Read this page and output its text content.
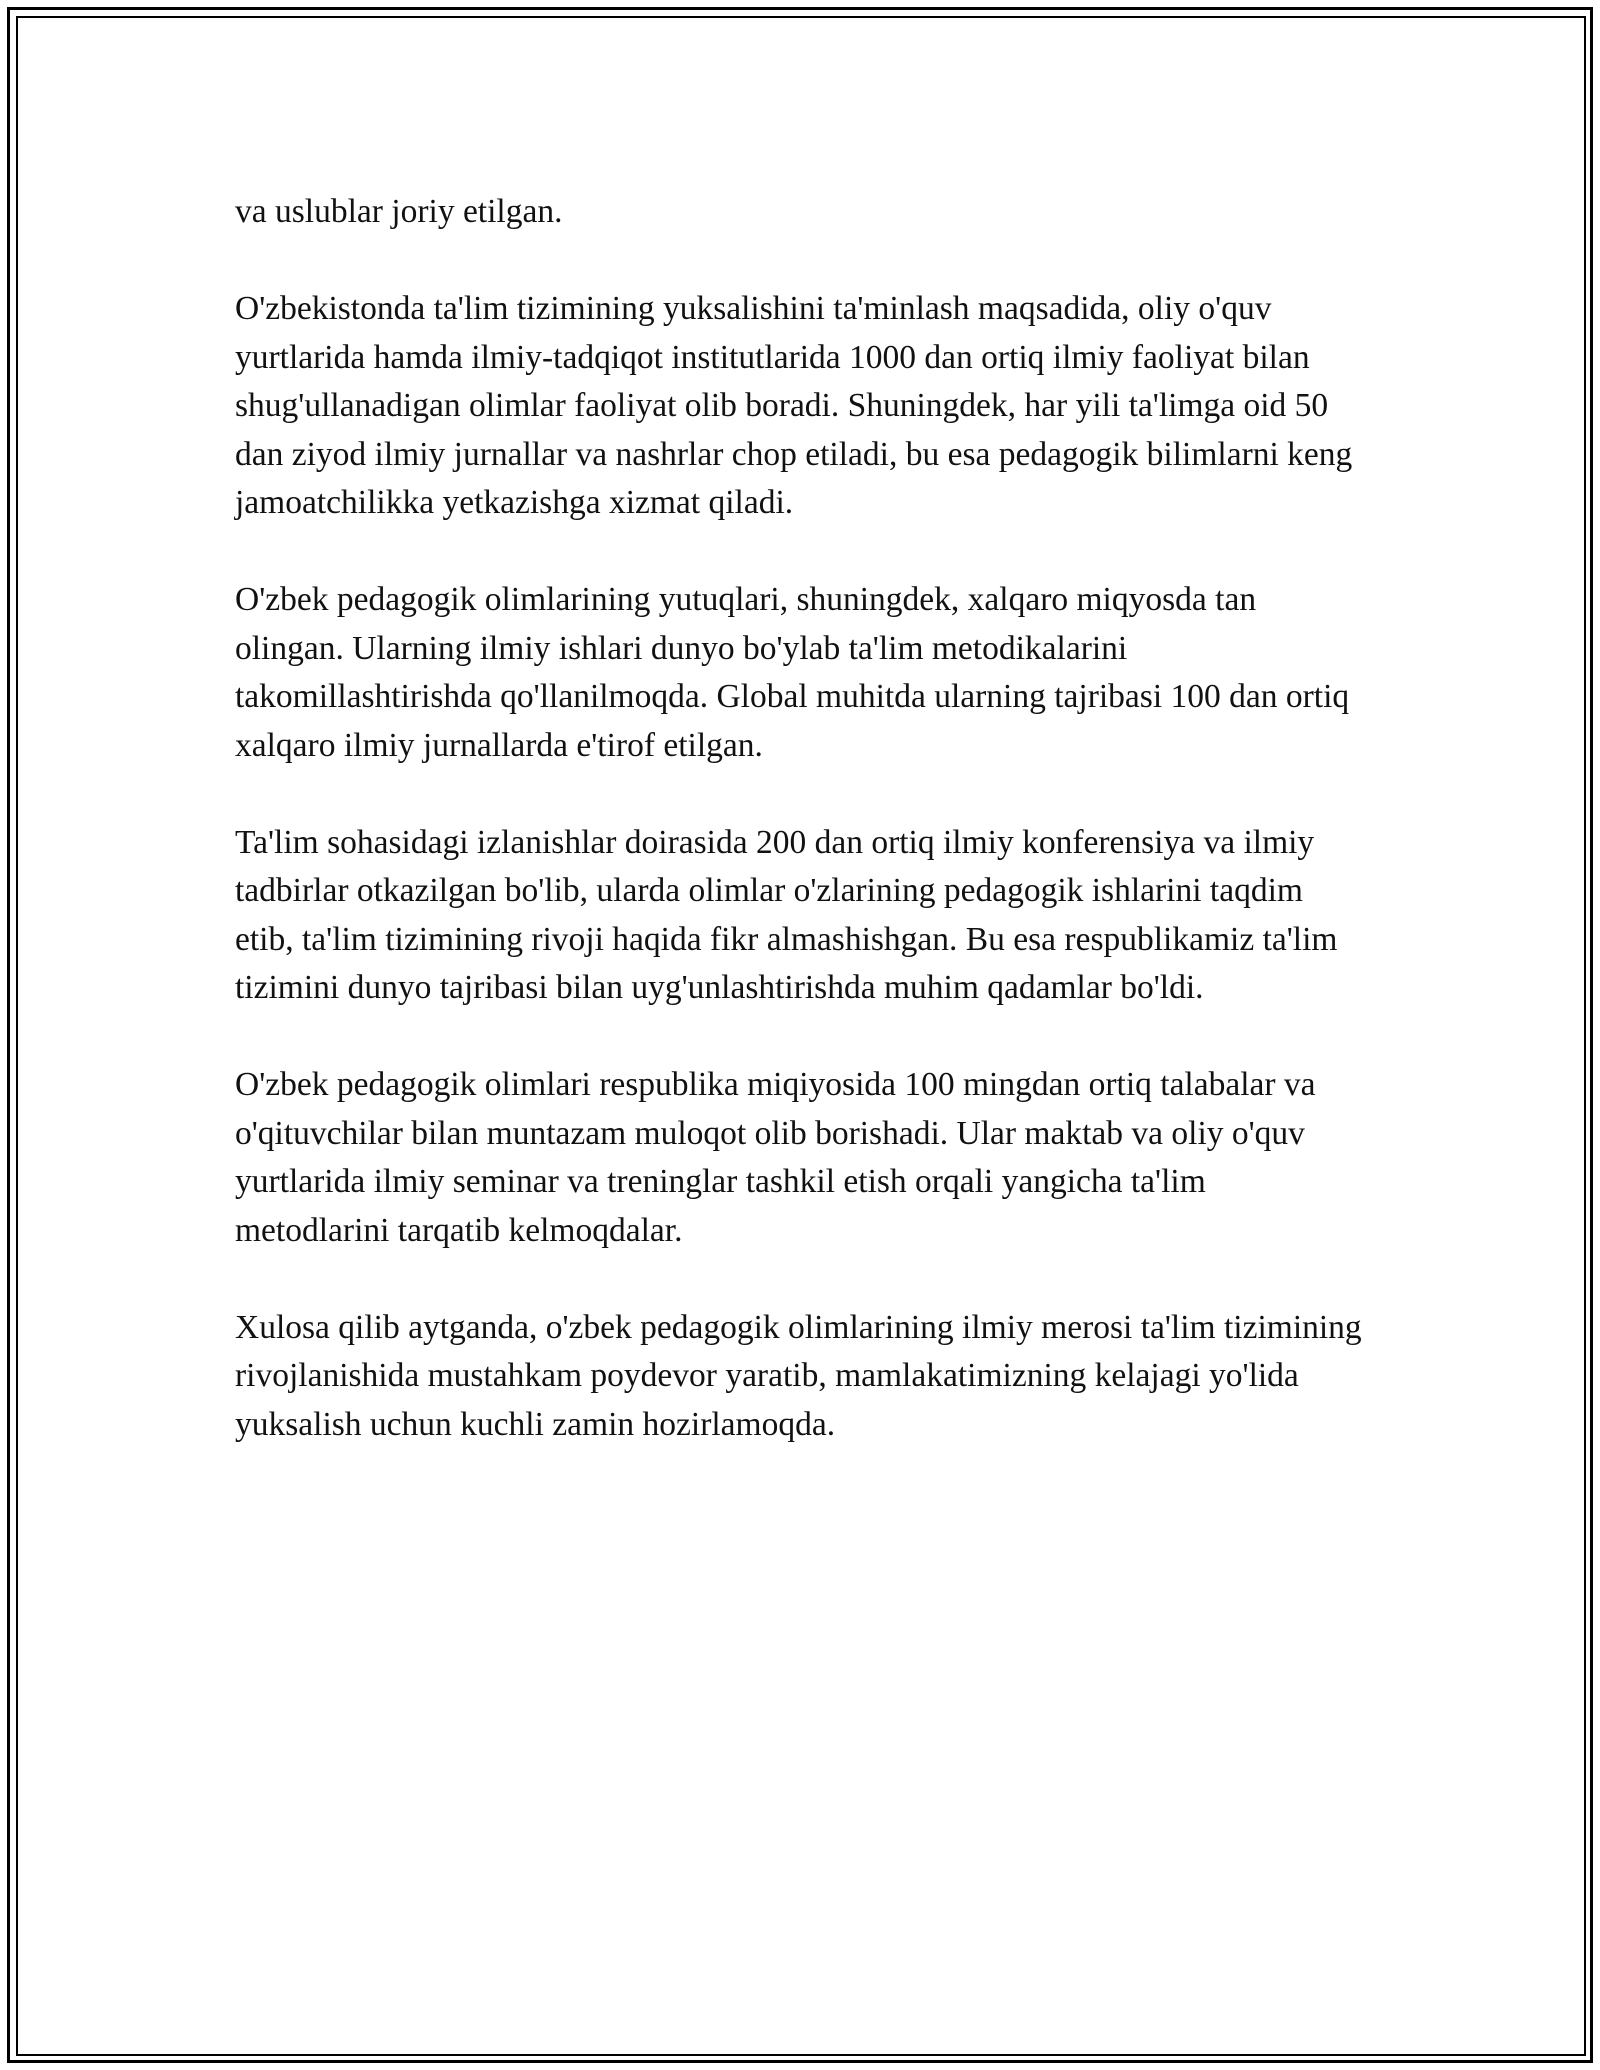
va uslublar joriy etilgan.

O'zbekistonda ta'lim tizimining yuksalishini ta'minlash maqsadida, oliy o'quv yurtlarida hamda ilmiy-tadqiqot institutlarida 1000 dan ortiq ilmiy faoliyat bilan shug'ullanadigan olimlar faoliyat olib boradi. Shuningdek, har yili ta'limga oid 50 dan ziyod ilmiy jurnallar va nashrlar chop etiladi, bu esa pedagogik bilimlarni keng jamoatchilikka yetkazishga xizmat qiladi.

O'zbek pedagogik olimlarining yutuqlari, shuningdek, xalqaro miqyosda tan olingan. Ularning ilmiy ishlari dunyo bo'ylab ta'lim metodikalarini takomillashtirishda qo'llanilmoqda. Global muhitda ularning tajribasi 100 dan ortiq xalqaro ilmiy jurnallarda e'tirof etilgan.

Ta'lim sohasidagi izlanishlar doirasida 200 dan ortiq ilmiy konferensiya va ilmiy tadbirlar otkazilgan bo'lib, ularda olimlar o'zlarining pedagogik ishlarini taqdim etib, ta'lim tizimining rivoji haqida fikr almashishgan. Bu esa respublikamiz ta'lim tizimini dunyo tajribasi bilan uyg'unlashtirishda muhim qadamlar bo'ldi.

O'zbek pedagogik olimlari respublika miqiyosida 100 mingdan ortiq talabalar va o'qituvchilar bilan muntazam muloqot olib borishadi. Ular maktab va oliy o'quv yurtlarida ilmiy seminar va treninglar tashkil etish orqali yangicha ta'lim metodlarini tarqatib kelmoqdalar.

Xulosa qilib aytganda, o'zbek pedagogik olimlarining ilmiy merosi ta'lim tizimining rivojlanishida mustahkam poydevor yaratib, mamlakatimizning kelajagi yo'lida yuksalish uchun kuchli zamin hozirlamoqda.
